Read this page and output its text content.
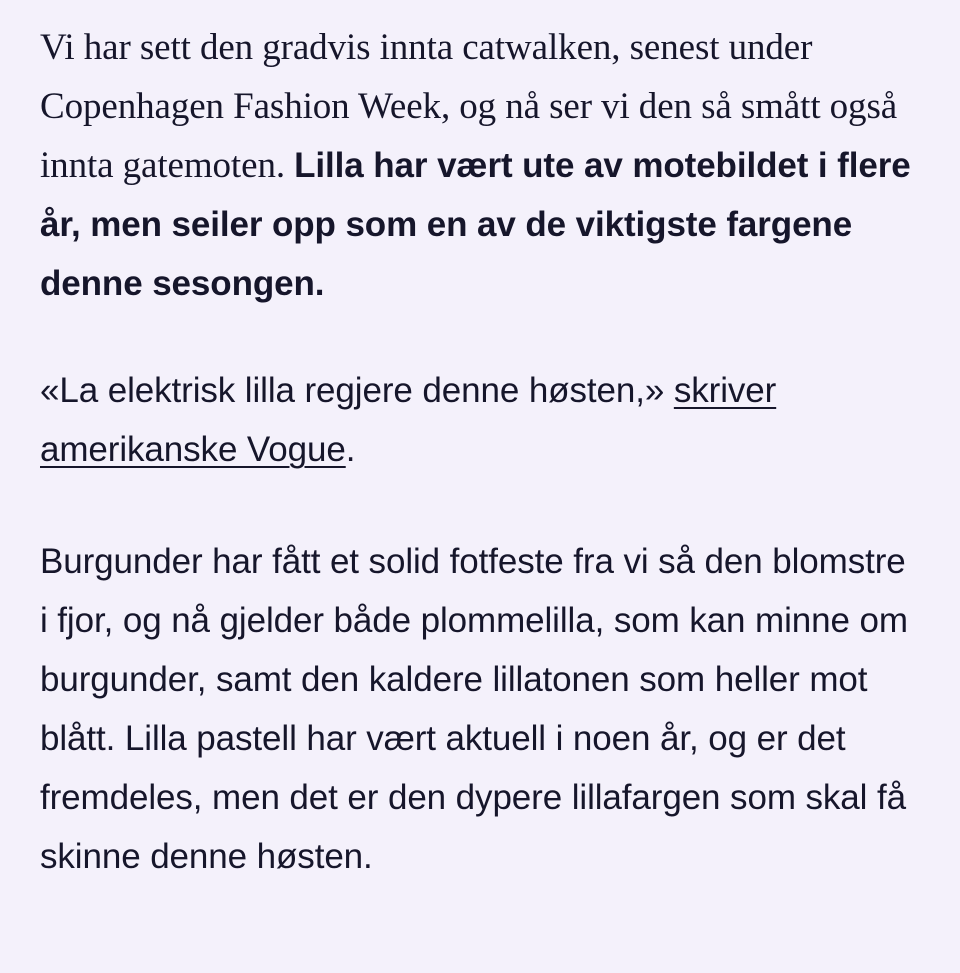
Vi har sett den gradvis innta catwalken, senest under Copenhagen Fashion Week, og nå ser vi den så smått også innta gatemoten. Lilla har vært ute av motebildet i flere år, men seiler opp som en av de viktigste fargene denne sesongen.

«La elektrisk lilla regjere denne høsten,» skriver amerikanske Vogue.

Burgunder har fått et solid fotfeste fra vi så den blomstre i fjor, og nå gjelder både plommelilla, som kan minne om burgunder, samt den kaldere lillatonen som heller mot blått. Lilla pastell har vært aktuell i noen år, og er det fremdeles, men det er den dypere lillafargen som skal få skinne denne høsten.
